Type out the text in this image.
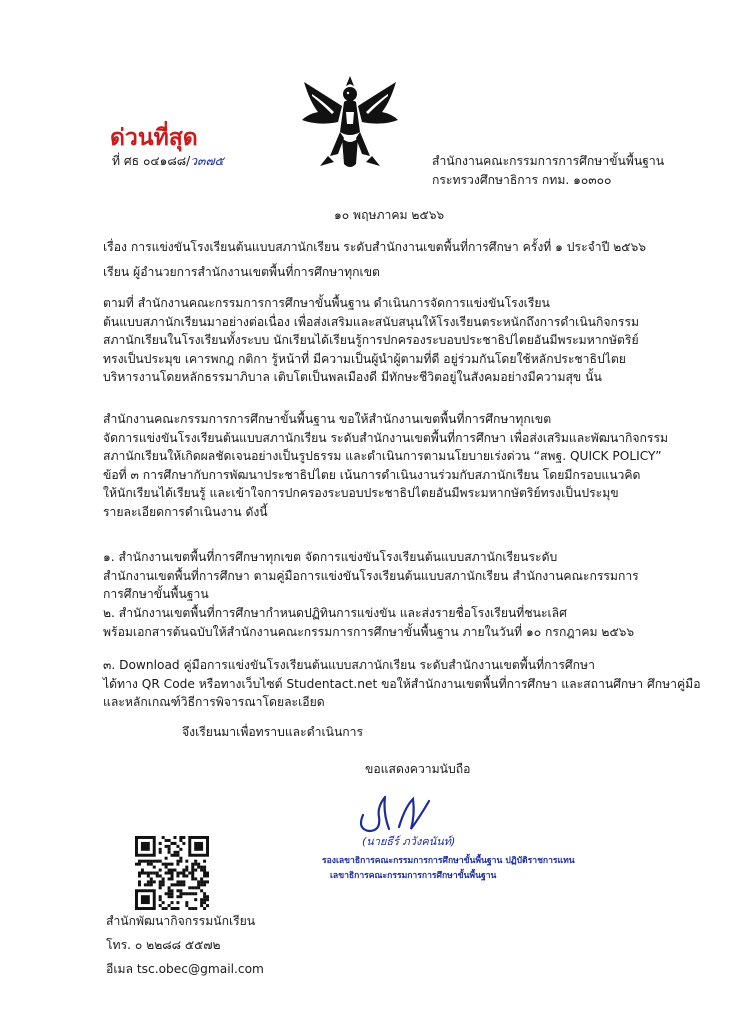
ด่วนที่สุด
ที่ ศธ ๐๔๑๘๘/ว๓๗๕	สำนักงานคณะกรรมการการศึกษาขั้นพื้นฐาน
กระทรวงศึกษาธิการ กทม. ๑๐๓๐๐
๑๐ พฤษภาคม ๒๕๖๖
เรื่อง การแข่งขันโรงเรียนต้นแบบสภานักเรียน ระดับสำนักงานเขตพื้นที่การศึกษา ครั้งที่ ๑ ประจำปี ๒๕๖๖
เรียน ผู้อำนวยการสำนักงานเขตพื้นที่การศึกษาทุกเขต
ตามที่ สำนักงานคณะกรรมการการศึกษาขั้นพื้นฐาน ดำเนินการจัดการแข่งขันโรงเรียน
ต้นแบบสภานักเรียนมาอย่างต่อเนื่อง เพื่อส่งเสริมและสนับสนุนให้โรงเรียนตระหนักถึงการดำเนินกิจกรรม
สภานักเรียนในโรงเรียนทั้งระบบ นักเรียนได้เรียนรู้การปกครองระบอบประชาธิปไตยอันมีพระมหากษัตริย์
ทรงเป็นประมุข เคารพกฎ กติกา รู้หน้าที่ มีความเป็นผู้นำผู้ตามที่ดี อยู่ร่วมกันโดยใช้หลักประชาธิปไตย
บริหารงานโดยหลักธรรมาภิบาล เติบโตเป็นพลเมืองดี มีทักษะชีวิตอยู่ในสังคมอย่างมีความสุข นั้น
สำนักงานคณะกรรมการการศึกษาขั้นพื้นฐาน ขอให้สำนักงานเขตพื้นที่การศึกษาทุกเขต
จัดการแข่งขันโรงเรียนต้นแบบสภานักเรียน ระดับสำนักงานเขตพื้นที่การศึกษา เพื่อส่งเสริมและพัฒนากิจกรรม
สภานักเรียนให้เกิดผลชัดเจนอย่างเป็นรูปธรรม และดำเนินการตามนโยบายเร่งด่วน “สพฐ. QUICK POLICY”
ข้อที่ ๓ การศึกษากับการพัฒนาประชาธิปไตย เน้นการดำเนินงานร่วมกับสภานักเรียน โดยมีกรอบแนวคิด
ให้นักเรียนได้เรียนรู้ และเข้าใจการปกครองระบอบประชาธิปไตยอันมีพระมหากษัตริย์ทรงเป็นประมุข
รายละเอียดการดำเนินงาน ดังนี้
๑. สำนักงานเขตพื้นที่การศึกษาทุกเขต จัดการแข่งขันโรงเรียนต้นแบบสภานักเรียนระดับ
สำนักงานเขตพื้นที่การศึกษา ตามคู่มือการแข่งขันโรงเรียนต้นแบบสภานักเรียน สำนักงานคณะกรรมการ
การศึกษาขั้นพื้นฐาน
๒. สำนักงานเขตพื้นที่การศึกษากำหนดปฏิทินการแข่งขัน และส่งรายชื่อโรงเรียนที่ชนะเลิศ
พร้อมเอกสารต้นฉบับให้สำนักงานคณะกรรมการการศึกษาขั้นพื้นฐาน ภายในวันที่ ๑๐ กรกฎาคม ๒๕๖๖
๓. Download คู่มือการแข่งขันโรงเรียนต้นแบบสภานักเรียน ระดับสำนักงานเขตพื้นที่การศึกษา
ได้ทาง QR Code หรือทางเว็บไซต์ Studentact.net ขอให้สำนักงานเขตพื้นที่การศึกษา และสถานศึกษา ศึกษาคู่มือ
และหลักเกณฑ์วิธีการพิจารณาโดยละเอียด
จึงเรียนมาเพื่อทราบและดำเนินการ
ขอแสดงความนับถือ
(นายธีร์ ภวังคนันท์)
รองเลขาธิการคณะกรรมการการศึกษาขั้นพื้นฐาน ปฏิบัติราชการแทน
เลขาธิการคณะกรรมการการศึกษาขั้นพื้นฐาน
สำนักพัฒนากิจกรรมนักเรียน
โทร. ๐ ๒๒๘๘ ๕๕๗๒
อีเมล tsc.obec@gmail.com
